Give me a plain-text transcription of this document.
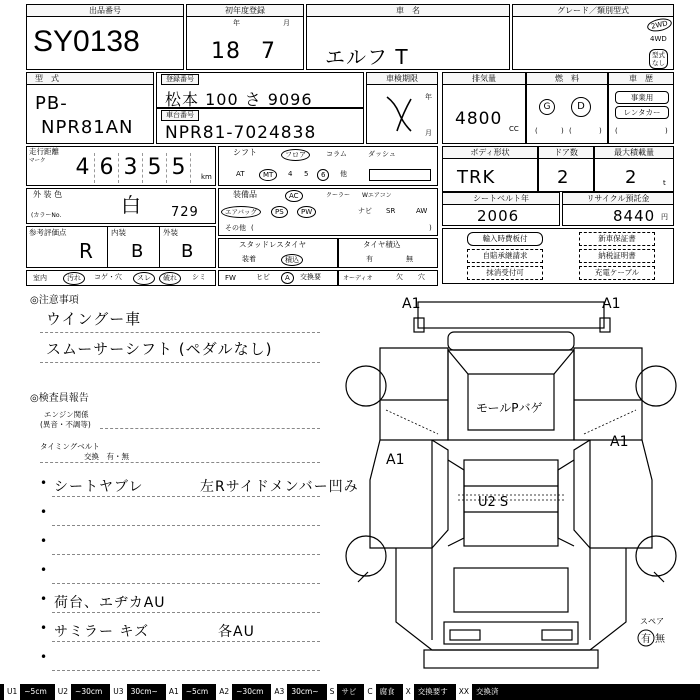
出品番号
SY0138
初年度登録
年	月
18 7
車　名
エルフ T
グレード／類別型式
2WD
4WD
型式
なし
型　式
PB-
NPR81AN
登録番号
松本 100 さ 9096
車台番号
NPR81-7024838
車検期限
年
月
排気量
4800 CC
燃　料
G	D
(	) (	)
車　歴
事業用
レンタカー
(	)
走行距離
マーク 4 6 3 5 5	km
シフト	フロア	コラム	ダッシュ
AT	MT	4	5	6	他
ボディ形状
TRK
ドア数
2
最大積載量
2	t
外 装 色
(カラーNo.	白 729
装備品	AC	クーラー	Wエアコン
エアバッグ	PS	PW	ナビ	SR	AW
その他 (	)
シートベルト年
2006
リサイクル預託金
8440 円
参考評価点	内装	外装
R B B	スタッドレスタイヤ
装着	積込
タイヤ積込
有	無
輸入時費板付	新車保証書
自賠承継請求	納税証明書
抹消受付可	充電ケーブル
室内	汚れ	コゲ・穴	スレ	破れ	シミ	FW	ヒビ	A	交換要	オーディオ	欠	穴
◎注意事項
ウイングー車
スムーサーシフト (ペダルなし)
◎検査員報告
エンジン関係
(異音・不調等)
タイミングベルト
交換　有・無
• シートヤブレ	左Rサイドメンバー凹み
•
•
•
• 荷台、エヂカAU
• サミラー キズ	各AU
•
A1	A1
A1
A1
モールPバゲ
U2 S
スペア
有 無
U1 ~5cm	U2 ~30cm	U3 30cm~	A1 ~5cm	A2 ~30cm	A3 30cm~	S サビ	C 腐食	X 交換要す	XX 交換済
